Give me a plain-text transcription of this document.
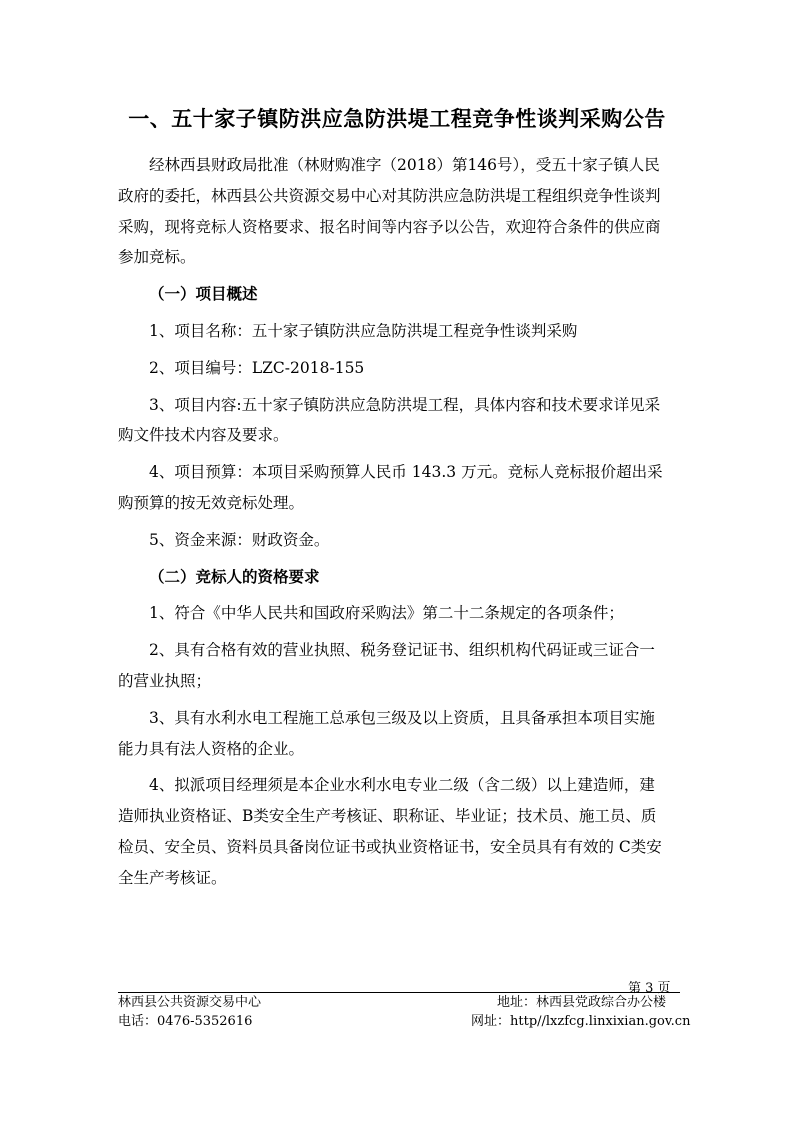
一、五十家子镇防洪应急防洪堤工程竞争性谈判采购公告
经林西县财政局批准（林财购准字（2018）第146号），受五十家子镇人民
政府的委托，林西县公共资源交易中心对其防洪应急防洪堤工程组织竞争性谈判
采购，现将竞标人资格要求、报名时间等内容予以公告，欢迎符合条件的供应商
参加竞标。
（一）项目概述
1、项目名称：五十家子镇防洪应急防洪堤工程竞争性谈判采购
2、项目编号：LZC-2018-155
3、项目内容:五十家子镇防洪应急防洪堤工程，具体内容和技术要求详见采
购文件技术内容及要求。
4、项目预算：本项目采购预算人民币 143.3 万元。竞标人竞标报价超出采
购预算的按无效竞标处理。
5、资金来源：财政资金。
（二）竞标人的资格要求
1、符合《中华人民共和国政府采购法》第二十二条规定的各项条件；
2、具有合格有效的营业执照、税务登记证书、组织机构代码证或三证合一
的营业执照；
3、具有水利水电工程施工总承包三级及以上资质，且具备承担本项目实施
能力具有法人资格的企业。
4、拟派项目经理须是本企业水利水电专业二级（含二级）以上建造师，建
造师执业资格证、B类安全生产考核证、职称证、毕业证；技术员、施工员、质
检员、安全员、资料员具备岗位证书或执业资格证书，安全员具有有效的 C类安
全生产考核证。
第 3 页
林西县公共资源交易中心	地址：林西县党政综合办公楼
电话：0476-5352616	网址：http//lxzfcg.linxixian.gov.cn
